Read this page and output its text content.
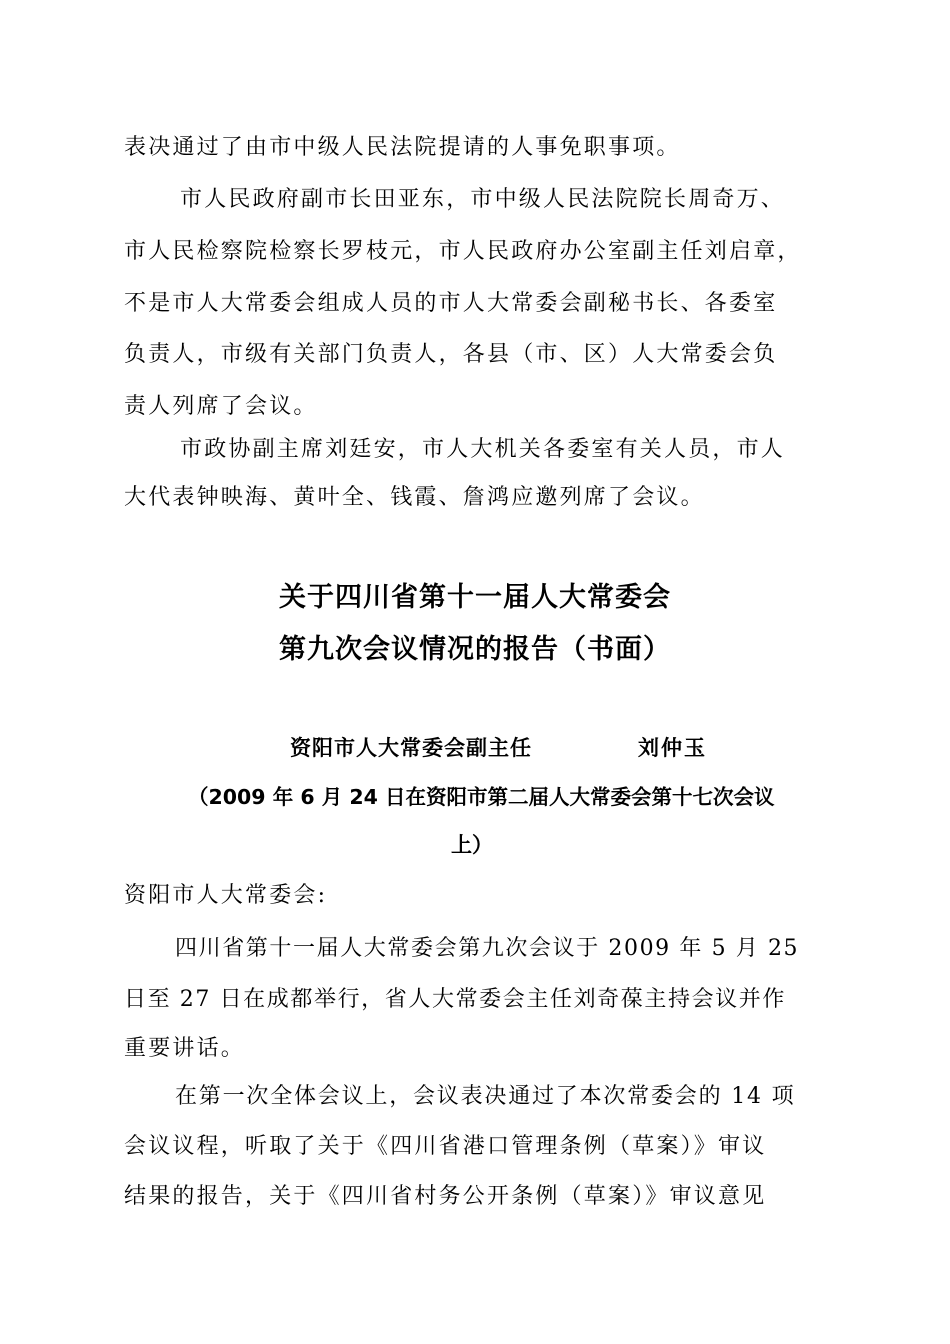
表决通过了由市中级人民法院提请的人事免职事项。
市人民政府副市长田亚东，市中级人民法院院长周奇万、
市人民检察院检察长罗枝元，市人民政府办公室副主任刘启章，
不是市人大常委会组成人员的市人大常委会副秘书长、各委室
负责人，市级有关部门负责人，各县（市、区）人大常委会负
责人列席了会议。
市政协副主席刘廷安，市人大机关各委室有关人员，市人
大代表钟映海、黄叶全、钱霞、詹鸿应邀列席了会议。
关于四川省第十一届人大常委会
第九次会议情况的报告（书面）
资阳市人大常委会副主任	刘仲玉
（2009 年 6 月 24 日在资阳市第二届人大常委会第十七次会议
上）
资阳市人大常委会:
四川省第十一届人大常委会第九次会议于 2009 年 5 月 25
日至 27 日在成都举行，省人大常委会主任刘奇葆主持会议并作
重要讲话。
在第一次全体会议上，会议表决通过了本次常委会的 14 项
会议议程，听取了关于《四川省港口管理条例（草案）》审议
结果的报告，关于《四川省村务公开条例（草案）》审议意见
